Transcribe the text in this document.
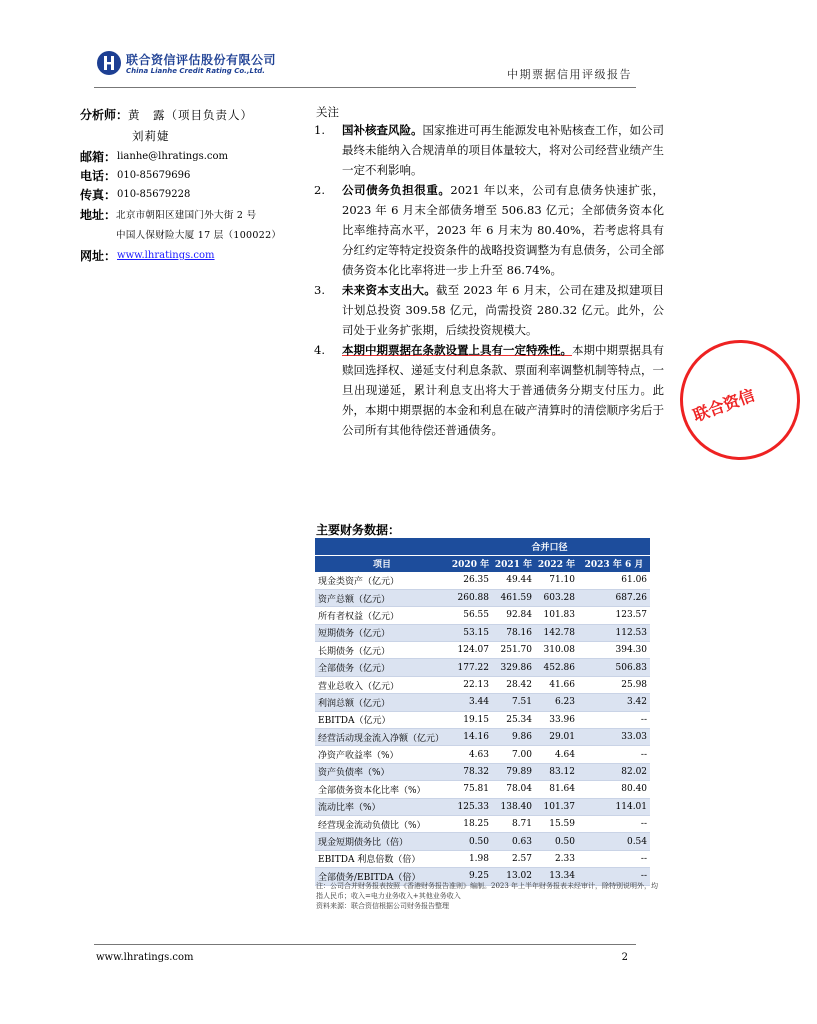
联合资信评估股份有限公司
China Lianhe Credit Rating Co.,Ltd.	中期票据信用评级报告
分析师： 黄　露（项目负责人）
刘莉婕
邮箱： lianhe@lhratings.com
电话： 010-85679696
传真： 010-85679228
地址： 北京市朝阳区建国门外大街 2 号
中国人保财险大厦 17 层（100022）
网址： www.lhratings.com
关注
1.	国补核查风险。国家推进可再生能源发电补贴核查工作，如公司最终未能纳入合规清单的项目体量较大，将对公司经营业绩产生一定不利影响。
2.	公司债务负担很重。2021 年以来，公司有息债务快速扩张，2023 年 6 月末全部债务增至 506.83 亿元；全部债务资本化比率维持高水平，2023 年 6 月末为 80.40%，若考虑将具有分红约定等特定投资条件的战略投资调整为有息债务，公司全部债务资本化比率将进一步上升至 86.74%。
3.	未来资本支出大。截至 2023 年 6 月末，公司在建及拟建项目计划总投资 309.58 亿元，尚需投资 280.32 亿元。此外，公司处于业务扩张期，后续投资规模大。
4.	本期中期票据在条款设置上具有一定特殊性。本期中期票据具有赎回选择权、递延支付利息条款、票面利率调整机制等特点，一旦出现递延，累计利息支出将大于普通债务分期支付压力。此外，本期中期票据的本金和利息在破产清算时的清偿顺序劣后于公司所有其他待偿还普通债务。
联合资信
主要财务数据：
	合并口径			
项目	2020 年	2021 年	2022 年	2023 年 6 月
现金类资产（亿元）	26.35	49.44	71.10	61.06
资产总额（亿元）	260.88	461.59	603.28	687.26
所有者权益（亿元）	56.55	92.84	101.83	123.57
短期债务（亿元）	53.15	78.16	142.78	112.53
长期债务（亿元）	124.07	251.70	310.08	394.30
全部债务（亿元）	177.22	329.86	452.86	506.83
营业总收入（亿元）	22.13	28.42	41.66	25.98
利润总额（亿元）	3.44	7.51	6.23	3.42
EBITDA（亿元）	19.15	25.34	33.96	--
经营活动现金流入净额（亿元）	14.16	9.86	29.01	33.03
净资产收益率（%）	4.63	7.00	4.64	--
资产负债率（%）	78.32	79.89	83.12	82.02
全部债务资本化比率（%）	75.81	78.04	81.64	80.40
流动比率（%）	125.33	138.40	101.37	114.01
经营现金流动负债比（%）	18.25	8.71	15.59	--
现金短期债务比（倍）	0.50	0.63	0.50	0.54
EBITDA 利息倍数（倍）	1.98	2.57	2.33	--
全部债务/EBITDA（倍）	9.25	13.02	13.34	--
注：公司合并财务报表按照《香港财务报告准则》编制。2023 年上半年财务报表未经审计，除特别说明外，均指人民币；收入=电力业务收入+其他业务收入
资料来源：联合资信根据公司财务报告整理
www.lhratings.com	2
